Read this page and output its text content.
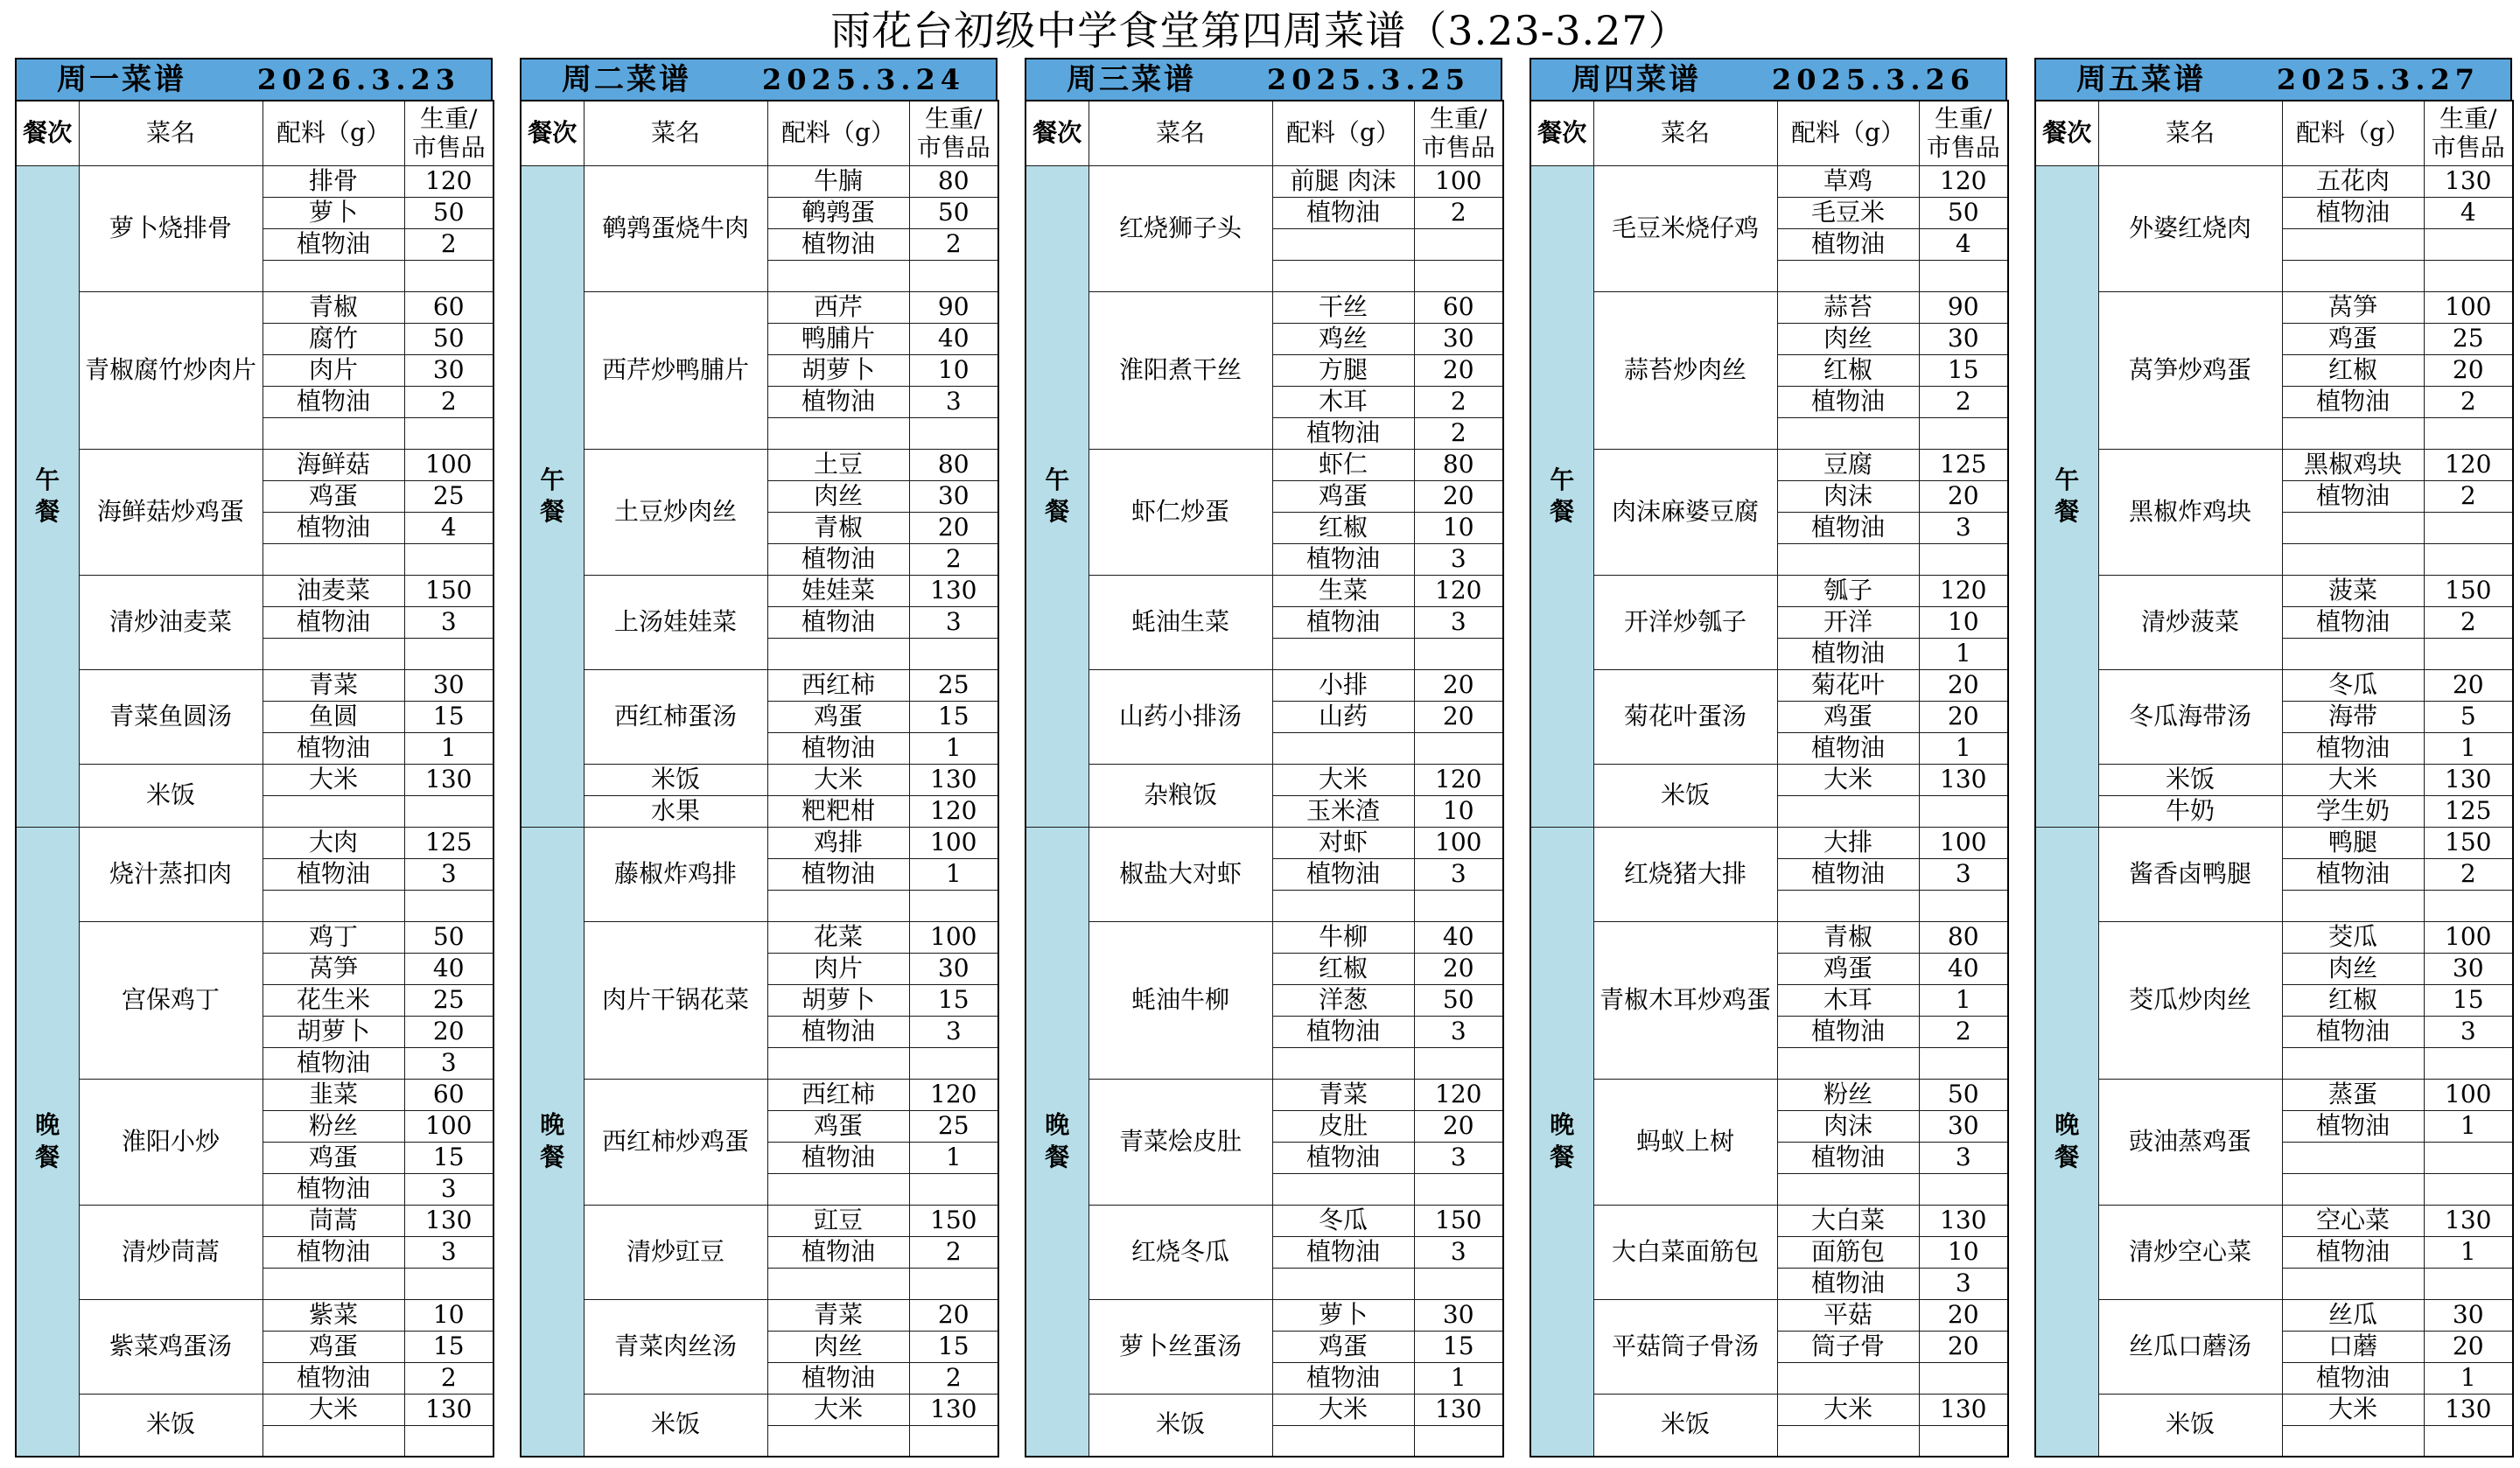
雨花台初级中学食堂第四周菜谱（3.23-3.27）
周一菜谱	2026.3.23
餐次	菜名	配料（g）	生重/
市售品

午餐	萝卜烧排骨	排骨	120
		萝卜	50
		植物油	2

	青椒腐竹炒肉片	青椒	60
		腐竹	50
		肉片	30
		植物油	2

	海鲜菇炒鸡蛋	海鲜菇	100
		鸡蛋	25
		植物油	4

	清炒油麦菜	油麦菜	150
		植物油	3

	青菜鱼圆汤	青菜	30
		鱼圆	15
		植物油	1
	米饭	大米	130

晚餐	烧汁蒸扣肉	大肉	125
		植物油	3

	宫保鸡丁	鸡丁	50
		莴笋	40
		花生米	25
		胡萝卜	20
		植物油	3
	淮阳小炒	韭菜	60
		粉丝	100
		鸡蛋	15
		植物油	3
	清炒茼蒿	茼蒿	130
		植物油	3

	紫菜鸡蛋汤	紫菜	10
		鸡蛋	15
		植物油	2
	米饭	大米	130

周二菜谱	2025.3.24
餐次	菜名	配料（g）	生重/
市售品

午餐	鹌鹑蛋烧牛肉	牛腩	80
		鹌鹑蛋	50
		植物油	2

	西芹炒鸭脯片	西芹	90
		鸭脯片	40
		胡萝卜	10
		植物油	3

	土豆炒肉丝	土豆	80
		肉丝	30
		青椒	20
		植物油	2
	上汤娃娃菜	娃娃菜	130
		植物油	3

	西红柿蛋汤	西红柿	25
		鸡蛋	15
		植物油	1
	米饭	大米	130
	水果	粑粑柑	120
晚餐	藤椒炸鸡排	鸡排	100
		植物油	1

	肉片干锅花菜	花菜	100
		肉片	30
		胡萝卜	15
		植物油	3

	西红柿炒鸡蛋	西红柿	120
		鸡蛋	25
		植物油	1

	清炒豇豆	豇豆	150
		植物油	2

	青菜肉丝汤	青菜	20
		肉丝	15
		植物油	2
	米饭	大米	130

周三菜谱	2025.3.25
餐次	菜名	配料（g）	生重/
市售品

午餐	红烧狮子头	前腿 肉沫	100
		植物油	2

	淮阳煮干丝	干丝	60
		鸡丝	30
		方腿	20
		木耳	2
		植物油	2
	虾仁炒蛋	虾仁	80
		鸡蛋	20
		红椒	10
		植物油	3
	蚝油生菜	生菜	120
		植物油	3

	山药小排汤	小排	20
		山药	20

	杂粮饭	大米	120
		玉米渣	10
晚餐	椒盐大对虾	对虾	100
		植物油	3

	蚝油牛柳	牛柳	40
		红椒	20
		洋葱	50
		植物油	3

	青菜烩皮肚	青菜	120
		皮肚	20
		植物油	3

	红烧冬瓜	冬瓜	150
		植物油	3

	萝卜丝蛋汤	萝卜	30
		鸡蛋	15
		植物油	1
	米饭	大米	130

周四菜谱	2025.3.26
餐次	菜名	配料（g）	生重/
市售品

午餐	毛豆米烧仔鸡	草鸡	120
		毛豆米	50
		植物油	4

	蒜苔炒肉丝	蒜苔	90
		肉丝	30
		红椒	15
		植物油	2

	肉沫麻婆豆腐	豆腐	125
		肉沫	20
		植物油	3

	开洋炒瓠子	瓠子	120
		开洋	10
		植物油	1
	菊花叶蛋汤	菊花叶	20
		鸡蛋	20
		植物油	1
	米饭	大米	130

晚餐	红烧猪大排	大排	100
		植物油	3

	青椒木耳炒鸡蛋	青椒	80
		鸡蛋	40
		木耳	1
		植物油	2

	蚂蚁上树	粉丝	50
		肉沫	30
		植物油	3

	大白菜面筋包	大白菜	130
		面筋包	10
		植物油	3
	平菇筒子骨汤	平菇	20
		筒子骨	20

	米饭	大米	130

周五菜谱	2025.3.27
餐次	菜名	配料（g）	生重/
市售品

午餐	外婆红烧肉	五花肉	130
		植物油	4

	莴笋炒鸡蛋	莴笋	100
		鸡蛋	25
		红椒	20
		植物油	2

	黑椒炸鸡块	黑椒鸡块	120
		植物油	2

	清炒菠菜	菠菜	150
		植物油	2

	冬瓜海带汤	冬瓜	20
		海带	5
		植物油	1
	米饭	大米	130
	牛奶	学生奶	125
晚餐	酱香卤鸭腿	鸭腿	150
		植物油	2

	茭瓜炒肉丝	茭瓜	100
		肉丝	30
		红椒	15
		植物油	3

	豉油蒸鸡蛋	蒸蛋	100
		植物油	1

	清炒空心菜	空心菜	130
		植物油	1

	丝瓜口蘑汤	丝瓜	30
		口蘑	20
		植物油	1
	米饭	大米	130
